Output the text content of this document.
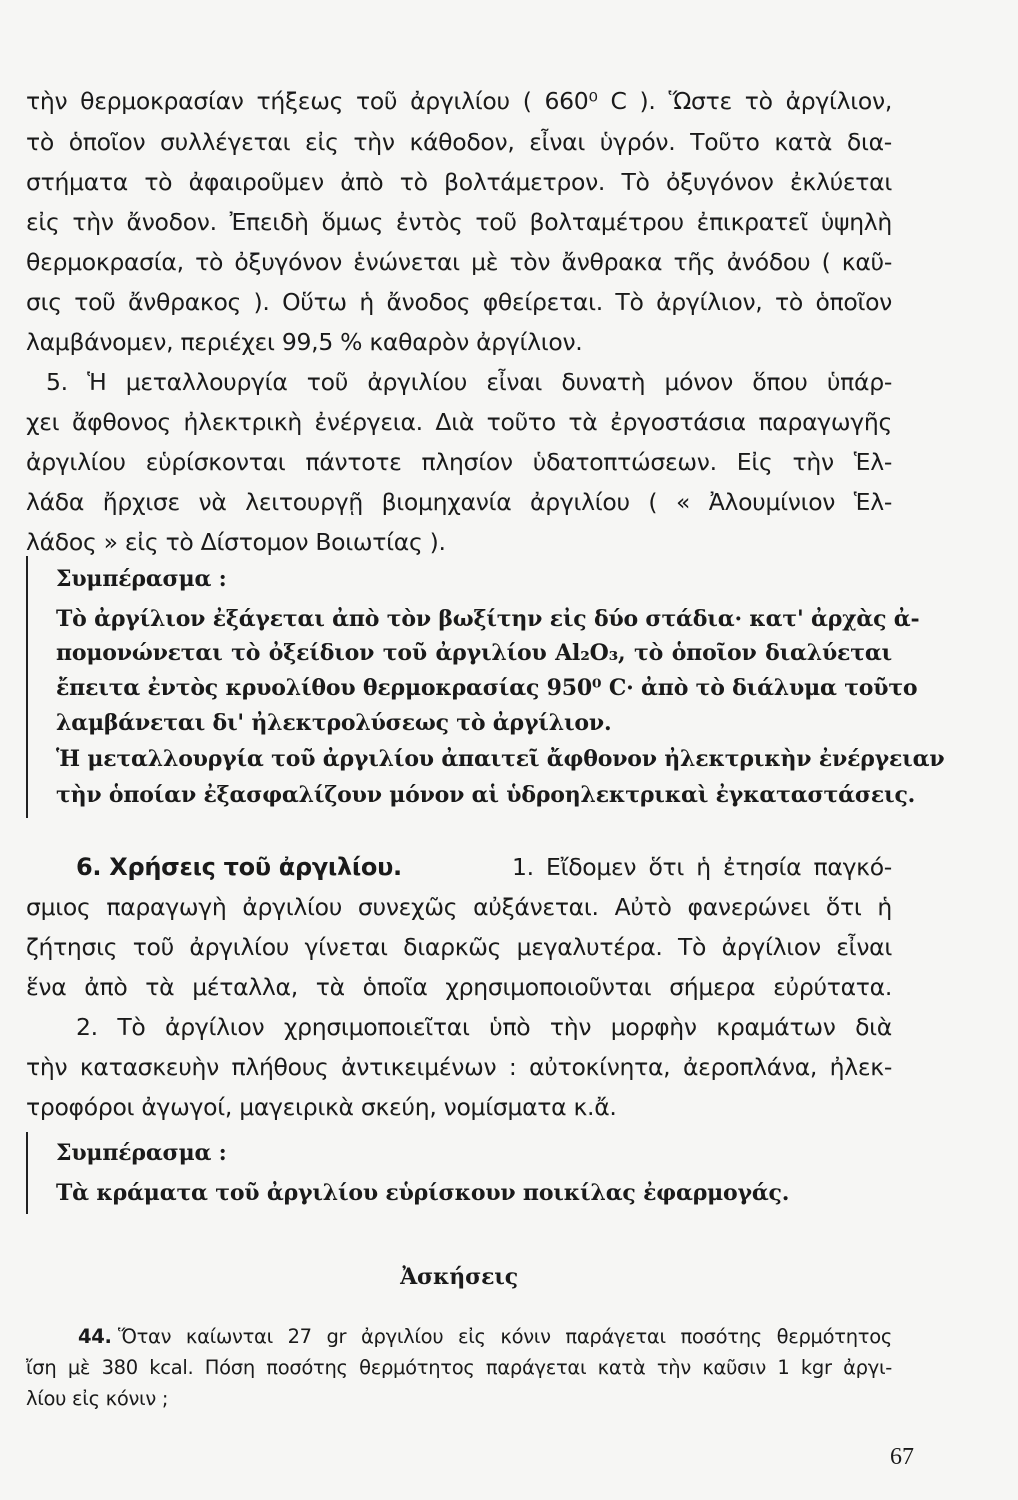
τὴν θερμοκρασίαν τήξεως τοῦ ἀργιλίου ( 660⁰ C ). Ὥστε τὸ ἀργίλιον,
τὸ ὁποῖον συλλέγεται εἰς τὴν κάθοδον, εἶναι ὑγρόν. Τοῦτο κατὰ δια-
στήματα τὸ ἀφαιροῦμεν ἀπὸ τὸ βολτάμετρον. Τὸ ὀξυγόνον ἐκλύεται
εἰς τὴν ἄνοδον. Ἐπειδὴ ὅμως ἐντὸς τοῦ βολταμέτρου ἐπικρατεῖ ὑψηλὴ
θερμοκρασία, τὸ ὀξυγόνον ἑνώνεται μὲ τὸν ἄνθρακα τῆς ἀνόδου ( καῦ-
σις τοῦ ἄνθρακος ). Οὕτω ἡ ἄνοδος φθείρεται. Τὸ ἀργίλιον, τὸ ὁποῖον
λαμβάνομεν, περιέχει 99,5 % καθαρὸν ἀργίλιον.
5. Ἡ μεταλλουργία τοῦ ἀργιλίου εἶναι δυνατὴ μόνον ὅπου ὑπάρ-
χει ἄφθονος ἠλεκτρικὴ ἐνέργεια. Διὰ τοῦτο τὰ ἐργοστάσια παραγωγῆς
ἀργιλίου εὑρίσκονται πάντοτε πλησίον ὑδατοπτώσεων. Εἰς τὴν Ἑλ-
λάδα ἤρχισε νὰ λειτουργῇ βιομηχανία ἀργιλίου ( « Ἀλουμίνιον Ἑλ-
λάδος » εἰς τὸ Δίστομον Βοιωτίας ).
Συμπέρασμα :
Τὸ ἀργίλιον ἐξάγεται ἀπὸ τὸν βωξίτην εἰς δύο στάδια· κατ' ἀρχὰς ἀ-
πομονώνεται τὸ ὀξείδιον τοῦ ἀργιλίου Al₂O₃, τὸ ὁποῖον διαλύεται
ἔπειτα ἐντὸς κρυολίθου θερμοκρασίας 950⁰ C· ἀπὸ τὸ διάλυμα τοῦτο
λαμβάνεται δι' ἠλεκτρολύσεως τὸ ἀργίλιον.
Ἡ μεταλλουργία τοῦ ἀργιλίου ἀπαιτεῖ ἄφθονον ἠλεκτρικὴν ἐνέργειαν
τὴν ὁποίαν ἐξασφαλίζουν μόνον αἱ ὑδροηλεκτρικαὶ ἐγκαταστάσεις.
6. Χρήσεις τοῦ ἀργιλίου.	1. Εἴδομεν ὅτι ἡ ἐτησία παγκό-
σμιος παραγωγὴ ἀργιλίου συνεχῶς αὐξάνεται. Αὐτὸ φανερώνει ὅτι ἡ
ζήτησις τοῦ ἀργιλίου γίνεται διαρκῶς μεγαλυτέρα. Τὸ ἀργίλιον εἶναι
ἕνα ἀπὸ τὰ μέταλλα, τὰ ὁποῖα χρησιμοποιοῦνται σήμερα εὐρύτατα.
2. Τὸ ἀργίλιον χρησιμοποιεῖται ὑπὸ τὴν μορφὴν κραμάτων διὰ
τὴν κατασκευὴν πλήθους ἀντικειμένων : αὐτοκίνητα, ἀεροπλάνα, ἠλεκ-
τροφόροι ἀγωγοί, μαγειρικὰ σκεύη, νομίσματα κ.ἄ.
Συμπέρασμα :
Τὰ κράματα τοῦ ἀργιλίου εὑρίσκουν ποικίλας ἐφαρμογάς.
Ἀσκήσεις
44. Ὅταν καίωνται 27 gr ἀργιλίου εἰς κόνιν παράγεται ποσότης θερμότητος
ἴση μὲ 380 kcal. Πόση ποσότης θερμότητος παράγεται κατὰ τὴν καῦσιν 1 kgr ἀργι-
λίου εἰς κόνιν ;
67
